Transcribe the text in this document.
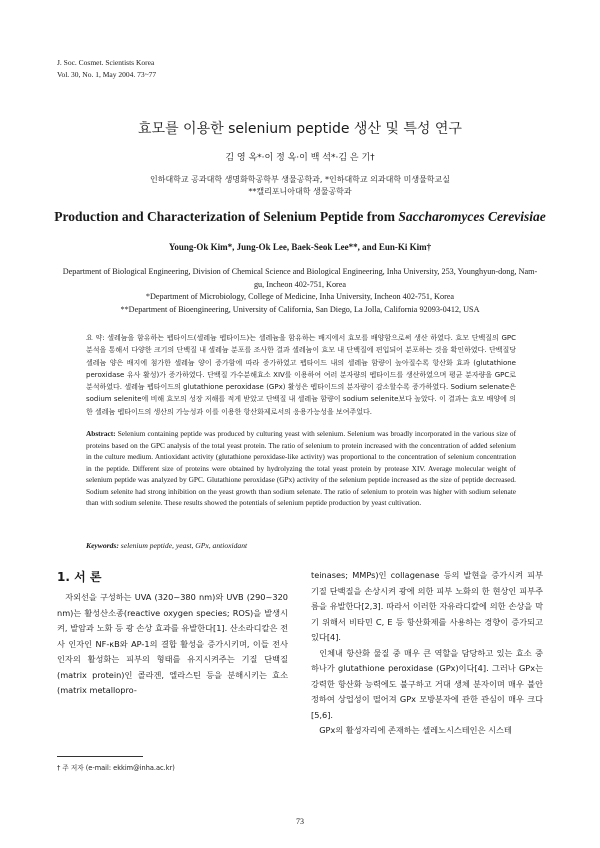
J. Soc. Cosmet. Scientists Korea
Vol. 30, No. 1, May 2004. 73~77
효모를 이용한 selenium peptide 생산 및 특성 연구
김 영 옥*·이 정 옥·이 백 석*·김 은 기†
인하대학교 공과대학 생명화학공학부 생물공학과, *인하대학교 의과대학 미생물학교실
**캘리포니아대학 생물공학과
Production and Characterization of Selenium Peptide from Saccharomyces Cerevisiae
Young-Ok Kim*, Jung-Ok Lee, Baek-Seok Lee**, and Eun-Ki Kim†
Department of Biological Engineering, Division of Chemical Science and Biological Engineering, Inha University, 253, Younghyun-dong, Nam-gu, Incheon 402-751, Korea
*Department of Microbiology, College of Medicine, Inha University, Incheon 402-751, Korea
**Department of Bioengineering, University of California, San Diego, La Jolla, California 92093-0412, USA
요 약: 셀레늄을 함유하는 펩타이드(셀레늄 펩타이드)는 셀레늄을 함유하는 배지에서 효모를 배양함으로써 생산 하였다. 효모 단백질의 GPC 분석을 통해서 다양한 크기의 단백질 내 셀레늄 분포를 조사한 결과 셀레늄이 효모 내 단백질에 편입되어 분포하는 것을 확인하였다. 단백질당 셀레늄 양은 배지에 첨가한 셀레늄 양이 증가함에 따라 증가하였고 펩타이드 내의 셀레늄 함량이 높아질수록 항산화 효과 (glutathione peroxidase 유사 활성)가 증가하였다. 단백질 가수분해효소 XIV를 이용하여 여러 분자량의 펩타이드를 생산하였으며 평균 분자량을 GPC로 분석하였다. 셀레늄 펩타이드의 glutathione peroxidase (GPx) 활성은 펩타이드의 분자량이 감소할수록 증가하였다. Sodium selenate은 sodium selenite에 비해 효모의 성장 저해를 적게 받았고 단백질 내 셀레늄 함량이 sodium selenite보다 높았다. 이 결과는 효모 배양에 의한 셀레늄 펩타이드의 생산의 가능성과 이를 이용한 항산화제로서의 응용가능성을 보여주었다.
Abstract: Selenium containing peptide was produced by culturing yeast with selenium. Selenium was broadly incorporated in the various size of proteins based on the GPC analysis of the total yeast protein. The ratio of selenium to protein increased with the concentration of added selenium in the culture medium. Antioxidant activity (glutathione peroxidase-like activity) was proportional to the concentration of selenium concentration in the peptide. Different size of proteins were obtained by hydrolyzing the total yeast protein by protease XIV. Average molecular weight of selenium peptide was analyzed by GPC. Glutathione peroxidase (GPx) activity of the selenium peptide increased as the size of peptide decreased. Sodium selenite had strong inhibition on the yeast growth than sodium selenate. The ratio of selenium to protein was higher with sodium selenate than with sodium selenite. These results showed the potentials of selenium peptide production by yeast cultivation.
Keywords: selenium peptide, yeast, GPx, antioxidant
1. 서 론

자외선을 구성하는 UVA (320~380 nm)와 UVB (290~320 nm)는 활성산소종(reactive oxygen species; ROS)을 발생시켜, 발암과 노화 등 광 손상 효과를 유발한다[1]. 산소라디칼은 전사 인자인 NF-κB와 AP-1의 결합 활성을 증가시키며, 이들 전사 인자의 활성화는 피부의 형태를 유지시켜주는 기질 단백질(matrix protein)인 콜라겐, 엘라스틴 등을 분해시키는 효소(matrix metallopro-

teinases; MMPs)인 collagenase 등의 발현을 증가시켜 피부 기질 단백질을 손상시켜 광에 의한 피부 노화의 한 현상인 피부주름을 유발한다[2,3]. 따라서 이러한 자유라디칼에 의한 손상을 막기 위해서 비타민 C, E 등 항산화제를 사용하는 경향이 증가되고 있다[4].

인체내 항산화 물질 중 매우 큰 역할을 담당하고 있는 효소 중 하나가 glutathione peroxidase (GPx)이다[4]. 그러나 GPx는 강력한 항산화 능력에도 불구하고 거대 생체 분자이며 매우 불안정하여 상업성이 떨어져 GPx 모방분자에 관한 관심이 매우 크다[5,6].

GPx의 활성자리에 존재하는 셀레노시스테인은 시스테

† 주 저자 (e-mail: ekkim@inha.ac.kr)
73
